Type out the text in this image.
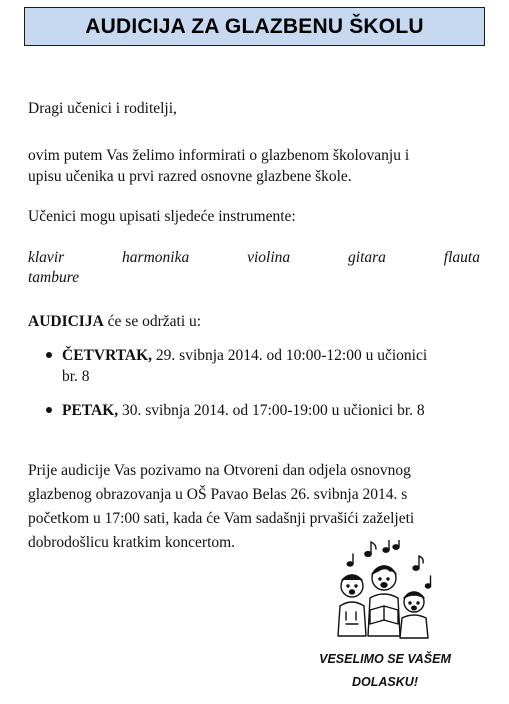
AUDICIJA ZA GLAZBENU ŠKOLU
Dragi učenici i roditelji,
ovim putem Vas želimo informirati o glazbenom školovanju i
upisu učenika u prvi razred osnovne glazbene škole.
Učenici mogu upisati sljedeće instrumente:
klavir	harmonika	violina	gitara	flauta
tambure
AUDICIJA će se održati u:
ČETVRTAK, 29. svibnja 2014. od 10:00-12:00 u učionici
br. 8
PETAK, 30. svibnja 2014. od 17:00-19:00 u učionici br. 8
Prije audicije Vas pozivamo na Otvoreni dan odjela osnovnog
glazbenog obrazovanja u OŠ Pavao Belas 26. svibnja 2014. s
početkom u 17:00 sati, kada će Vam sadašnji prvašići zaželjeti
dobrodošlicu kratkim koncertom.
VESELIMO SE VAŠEM
DOLASKU!
